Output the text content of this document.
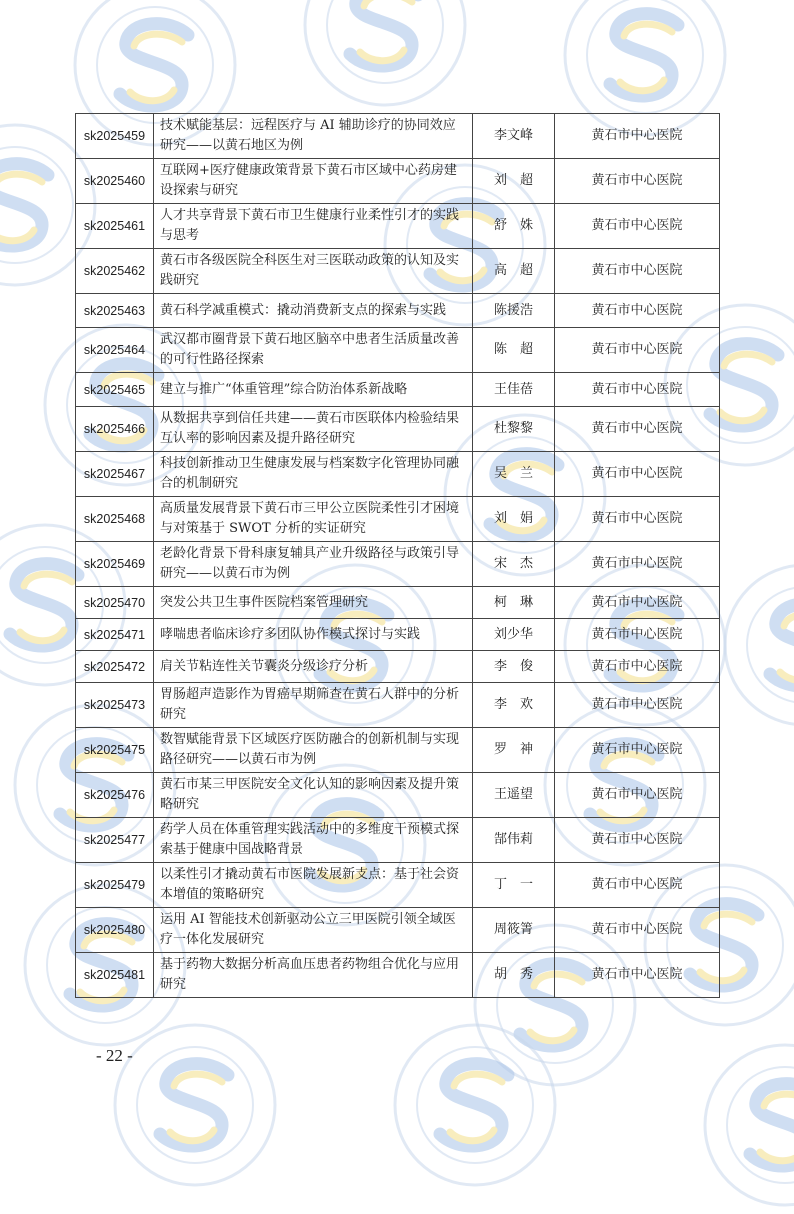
sk2025459	技术赋能基层：远程医疗与 AI 辅助诊疗的协同效应研究——以黄石地区为例	李文峰	黄石市中心医院
sk2025460	互联网+医疗健康政策背景下黄石市区域中心药房建设探索与研究	刘　超	黄石市中心医院
sk2025461	人才共享背景下黄石市卫生健康行业柔性引才的实践与思考	舒　姝	黄石市中心医院
sk2025462	黄石市各级医院全科医生对三医联动政策的认知及实践研究	高　超	黄石市中心医院
sk2025463	黄石科学减重模式：撬动消费新支点的探索与实践	陈援浩	黄石市中心医院
sk2025464	武汉都市圈背景下黄石地区脑卒中患者生活质量改善的可行性路径探索	陈　超	黄石市中心医院
sk2025465	建立与推广“体重管理”综合防治体系新战略	王佳蓓	黄石市中心医院
sk2025466	从数据共享到信任共建——黄石市医联体内检验结果互认率的影响因素及提升路径研究	杜黎黎	黄石市中心医院
sk2025467	科技创新推动卫生健康发展与档案数字化管理协同融合的机制研究	吴　兰	黄石市中心医院
sk2025468	高质量发展背景下黄石市三甲公立医院柔性引才困境与对策基于 SWOT 分析的实证研究	刘　娟	黄石市中心医院
sk2025469	老龄化背景下骨科康复辅具产业升级路径与政策引导研究——以黄石市为例	宋　杰	黄石市中心医院
sk2025470	突发公共卫生事件医院档案管理研究	柯　琳	黄石市中心医院
sk2025471	哮喘患者临床诊疗多团队协作模式探讨与实践	刘少华	黄石市中心医院
sk2025472	肩关节粘连性关节囊炎分级诊疗分析	李　俊	黄石市中心医院
sk2025473	胃肠超声造影作为胃癌早期筛查在黄石人群中的分析研究	李　欢	黄石市中心医院
sk2025475	数智赋能背景下区域医疗医防融合的创新机制与实现路径研究——以黄石市为例	罗　神	黄石市中心医院
sk2025476	黄石市某三甲医院安全文化认知的影响因素及提升策略研究	王遥望	黄石市中心医院
sk2025477	药学人员在体重管理实践活动中的多维度干预模式探索基于健康中国战略背景	郜伟莉	黄石市中心医院
sk2025479	以柔性引才撬动黄石市医院发展新支点：基于社会资本增值的策略研究	丁　一	黄石市中心医院
sk2025480	运用 AI 智能技术创新驱动公立三甲医院引领全域医疗一体化发展研究	周筱箐	黄石市中心医院
sk2025481	基于药物大数据分析高血压患者药物组合优化与应用研究	胡　秀	黄石市中心医院
- 22 -
